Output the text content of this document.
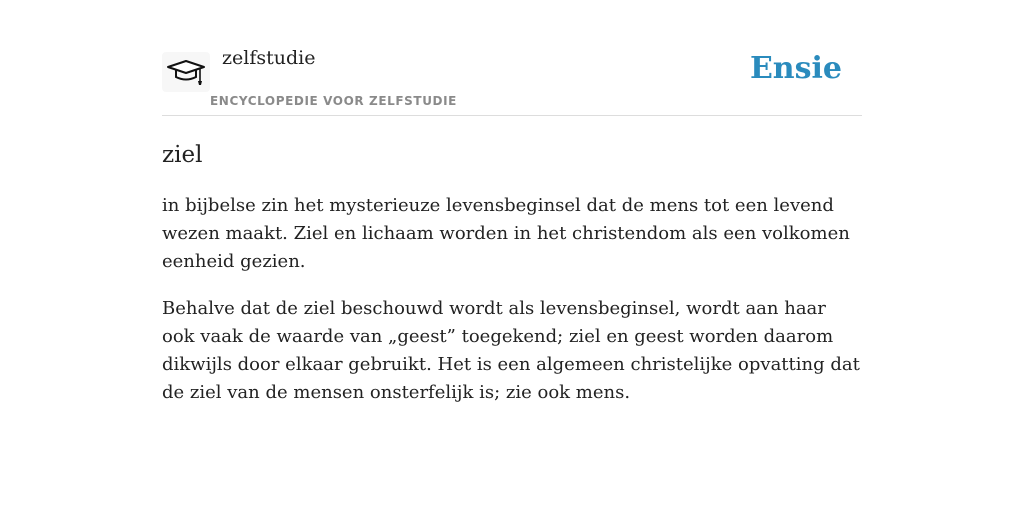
zelfstudie
ENCYCLOPEDIE VOOR ZELFSTUDIE
Ensie
ziel

in bijbelse zin het mysterieuze levensbeginsel dat de mens tot een levend wezen maakt. Ziel en lichaam worden in het christendom als een volkomen eenheid gezien.

Behalve dat de ziel beschouwd wordt als levensbeginsel, wordt aan haar ook vaak de waarde van „geest” toegekend; ziel en geest worden daarom dikwijls door elkaar gebruikt. Het is een algemeen christelijke opvatting dat de ziel van de mensen onsterfelijk is; zie ook mens.
